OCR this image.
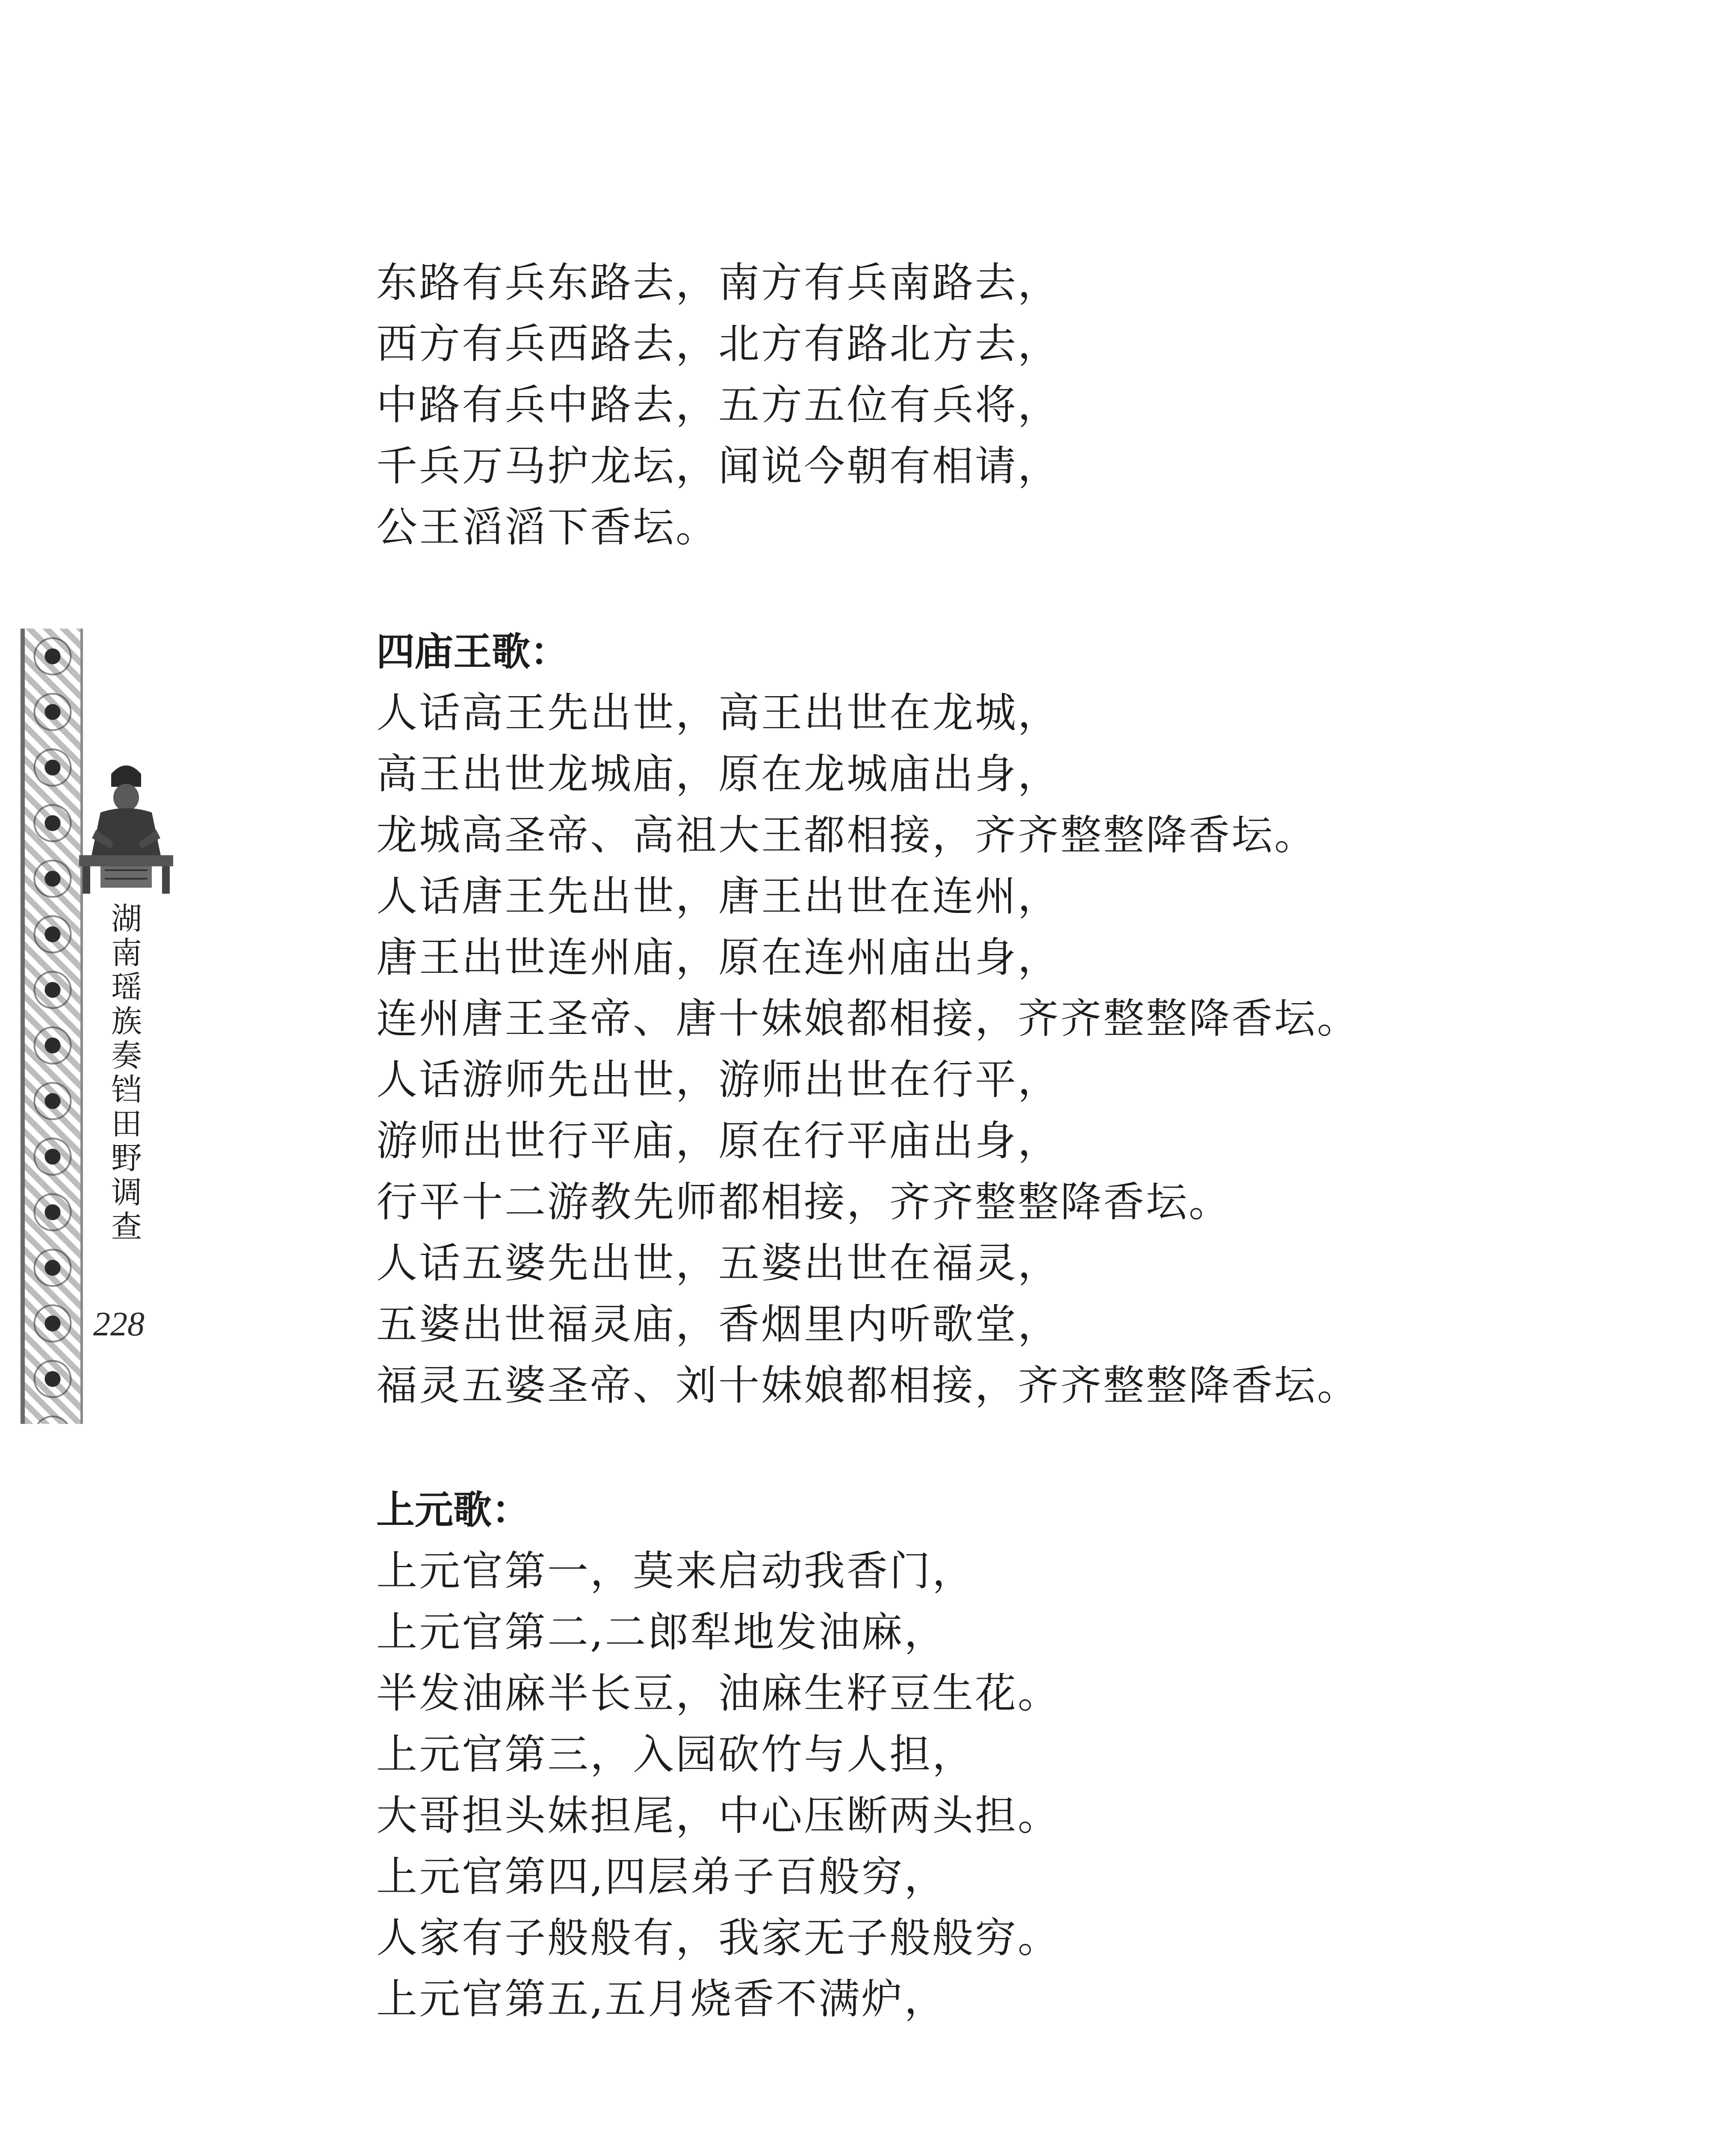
湖南瑶族奏铛田野调查
228
东路有兵东路去，南方有兵南路去，
西方有兵西路去，北方有路北方去，
中路有兵中路去，五方五位有兵将，
千兵万马护龙坛，闻说今朝有相请，
公王滔滔下香坛。
四庙王歌：
人话高王先出世，高王出世在龙城，
高王出世龙城庙，原在龙城庙出身，
龙城高圣帝、高祖大王都相接，齐齐整整降香坛。
人话唐王先出世，唐王出世在连州，
唐王出世连州庙，原在连州庙出身，
连州唐王圣帝、唐十妹娘都相接，齐齐整整降香坛。
人话游师先出世，游师出世在行平，
游师出世行平庙，原在行平庙出身，
行平十二游教先师都相接，齐齐整整降香坛。
人话五婆先出世，五婆出世在福灵，
五婆出世福灵庙，香烟里内听歌堂，
福灵五婆圣帝、刘十妹娘都相接，齐齐整整降香坛。
上元歌：
上元官第一，莫来启动我香门，
上元官第二,二郎犁地发油麻，
半发油麻半长豆，油麻生籽豆生花。
上元官第三，入园砍竹与人担，
大哥担头妹担尾，中心压断两头担。
上元官第四,四层弟子百般穷，
人家有子般般有，我家无子般般穷。
上元官第五,五月烧香不满炉，
